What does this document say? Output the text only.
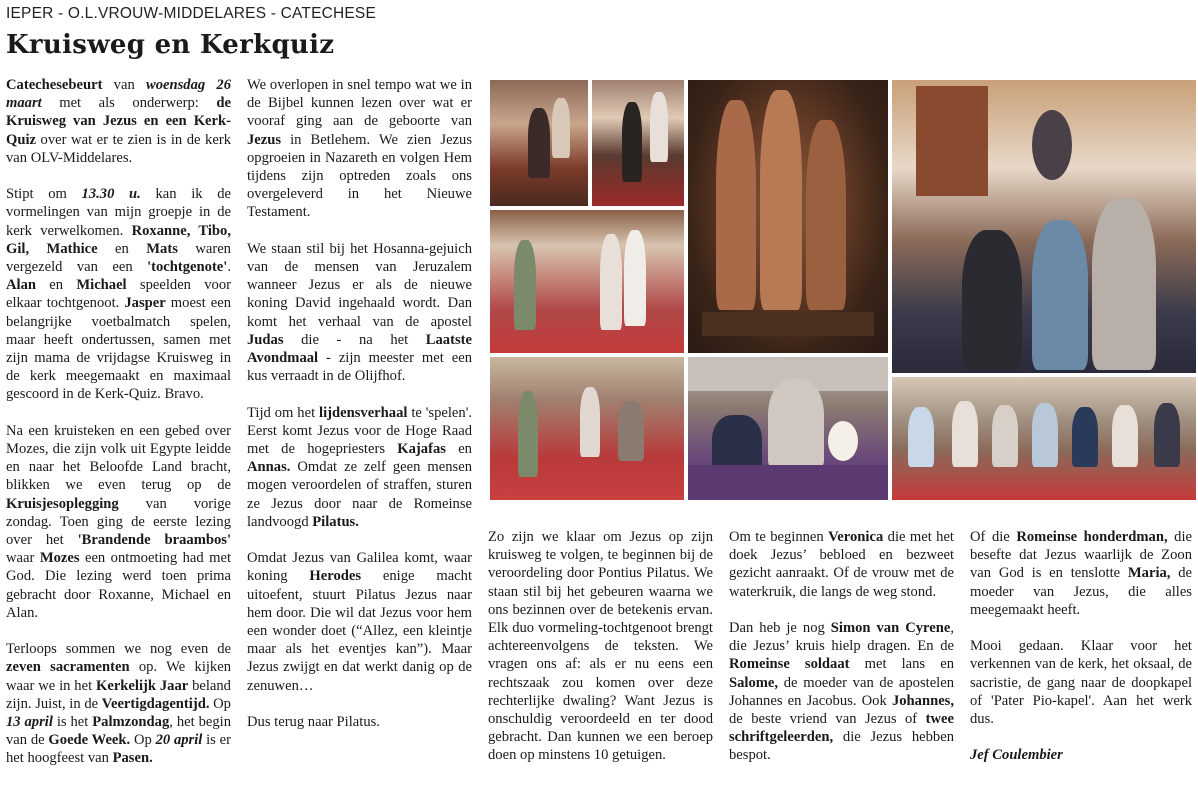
IEPER - O.L.VROUW-MIDDELARES - CATECHESE
Kruisweg en Kerkquiz

Catechesebeurt van woensdag 26 maart met als onderwerp: de Kruisweg van Jezus en een Kerk-Quiz over wat er te zien is in de kerk van OLV-Middelares.

Stipt om 13.30 u. kan ik de vormelingen van mijn groepje in de kerk verwelkomen. Roxanne, Tibo, Gil, Mathice en Mats waren vergezeld van een 'tochtgenote'. Alan en Michael speelden voor elkaar tochtgenoot. Jasper moest een belangrijke voetbalmatch spelen, maar heeft ondertussen, samen met zijn mama de vrijdagse Kruisweg in de kerk meegemaakt en maximaal gescoord in de Kerk-Quiz. Bravo.

Na een kruisteken en een gebed over Mozes, die zijn volk uit Egypte leidde en naar het Beloofde Land bracht, blikken we even terug op de Kruisjesoplegging van vorige zondag. Toen ging de eerste lezing over het 'Brandende braambos' waar Mozes een ontmoeting had met God. Die lezing werd toen prima gebracht door Roxanne, Michael en Alan.

Terloops sommen we nog even de zeven sacramenten op. We kijken waar we in het Kerkelijk Jaar beland zijn. Juist, in de Veertigdagentijd. Op 13 april is het Palmzondag, het begin van de Goede Week. Op 20 april is er het hoogfeest van Pasen.

We overlopen in snel tempo wat we in de Bijbel kunnen lezen over wat er vooraf ging aan de geboorte van Jezus in Betlehem. We zien Jezus opgroeien in Nazareth en volgen Hem tijdens zijn optreden zoals ons overgeleverd in het Nieuwe Testament.

We staan stil bij het Hosanna-gejuich van de mensen van Jeruzalem wanneer Jezus er als de nieuwe koning David ingehaald wordt. Dan komt het verhaal van de apostel Judas die - na het Laatste Avondmaal - zijn meester met een kus verraadt in de Olijfhof.

Tijd om het lijdensverhaal te 'spelen'. Eerst komt Jezus voor de Hoge Raad met de hogepriesters Kajafas en Annas. Omdat ze zelf geen mensen mogen veroordelen of straffen, sturen ze Jezus door naar de Romeinse landvoogd Pilatus.

Omdat Jezus van Galilea komt, waar koning Herodes enige macht uitoefent, stuurt Pilatus Jezus naar hem door. Die wil dat Jezus voor hem een wonder doet (“Allez, een kleintje maar als het eventjes kan”). Maar Jezus zwijgt en dat werkt danig op de zenuwen…

Dus terug naar Pilatus.

Zo zijn we klaar om Jezus op zijn kruisweg te volgen, te beginnen bij de veroordeling door Pontius Pilatus. We staan stil bij het gebeuren waarna we ons bezinnen over de betekenis ervan. Elk duo vormeling-tochtgenoot brengt achtereenvolgens de teksten. We vragen ons af: als er nu eens een rechtszaak zou komen over deze rechterlijke dwaling? Want Jezus is onschuldig veroordeeld en ter dood gebracht. Dan kunnen we een beroep doen op minstens 10 getuigen.

Om te beginnen Veronica die met het doek Jezus’ bebloed en bezweet gezicht aanraakt. Of de vrouw met de waterkruik, die langs de weg stond.

Dan heb je nog Simon van Cyrene, die Jezus’ kruis hielp dragen. En de Romeinse soldaat met lans en Salome, de moeder van de apostelen Johannes en Jacobus. Ook Johannes, de beste vriend van Jezus of twee schriftgeleerden, die Jezus hebben bespot.

Of die Romeinse honderdman, die besefte dat Jezus waarlijk de Zoon van God is en tenslotte Maria, de moeder van Jezus, die alles meegemaakt heeft.

Mooi gedaan. Klaar voor het verkennen van de kerk, het oksaal, de sacristie, de gang naar de doopkapel of 'Pater Pio-kapel'. Aan het werk dus.

Jef Coulembier
